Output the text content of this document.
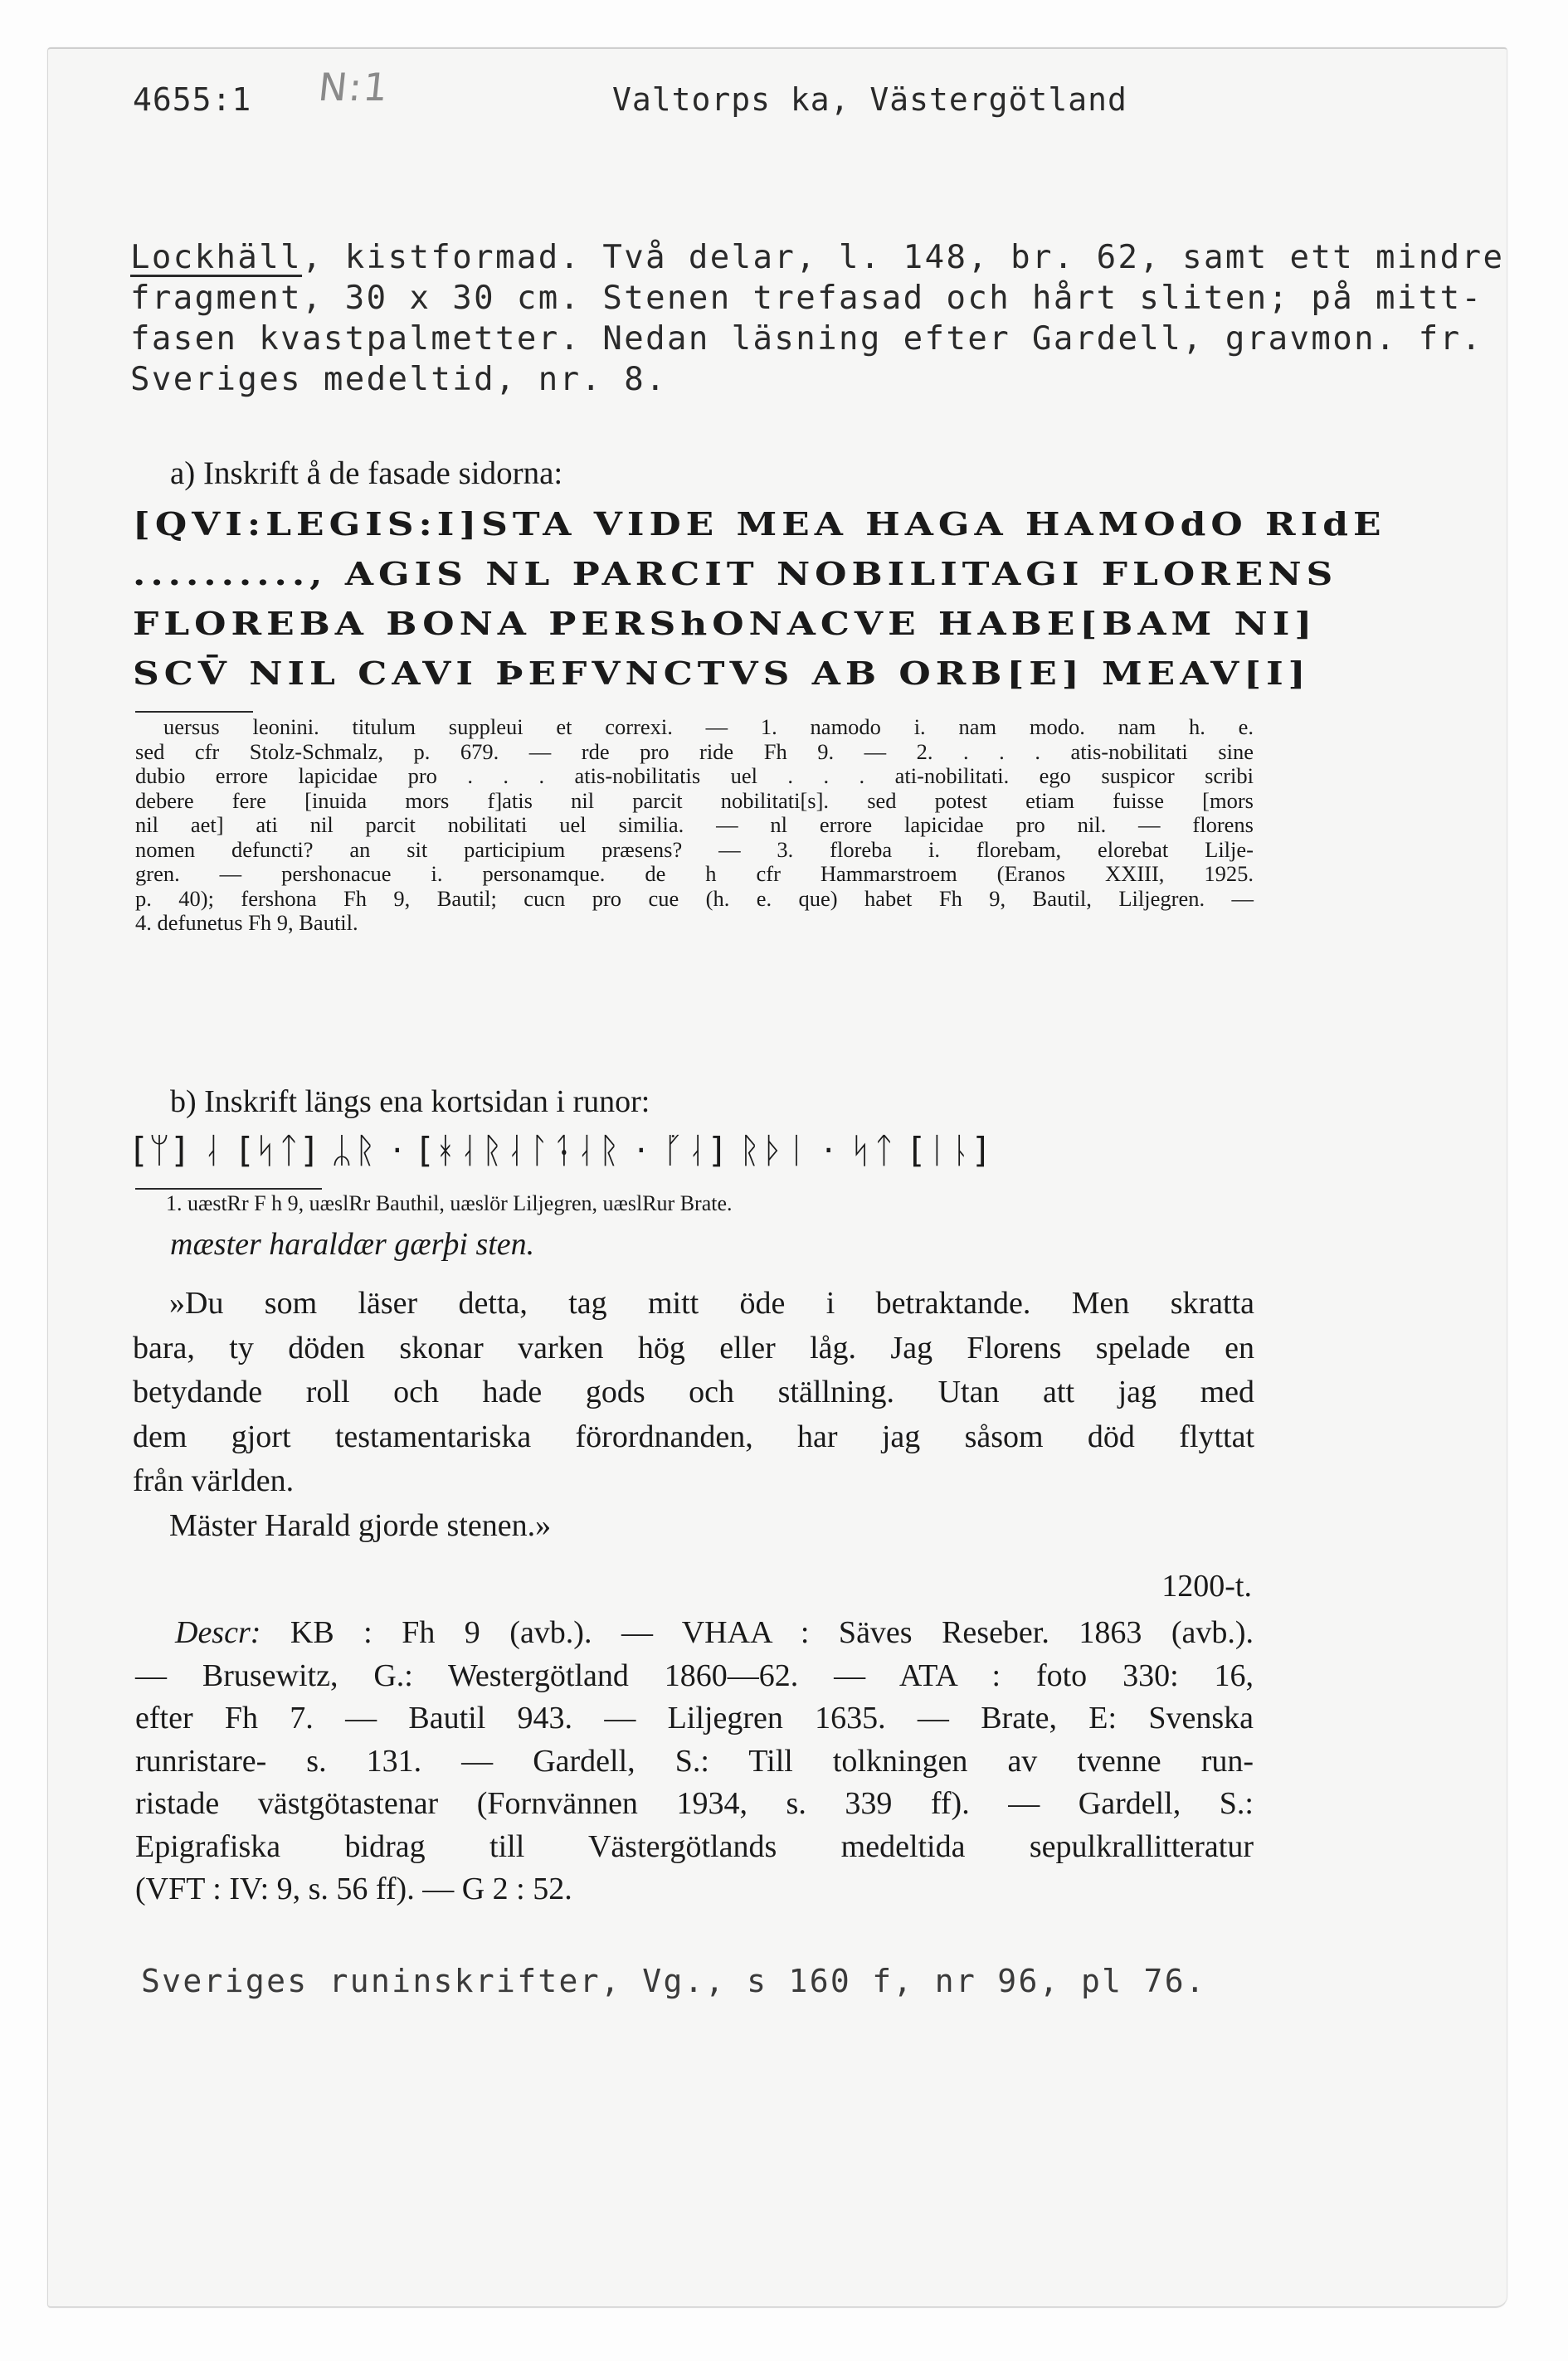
4655:1 N:1	Valtorps ka, Västergötland
Lockhäll, kistformad. Två delar, l. 148, br. 62, samt ett mindre
fragment, 30 x 30 cm. Stenen trefasad och hårt sliten; på mitt-
fasen kvastpalmetter. Nedan läsning efter Gardell, gravmon. fr.
Sveriges medeltid, nr. 8.
a) Inskrift å de fasade sidorna:
[QVI:LEGIS:I]STA VIDE MEA HAGA HAMOdO RIdE
.........., AGIS NL PARCIT NOBILITAGI FLORENS
FLOREBA BONA PERShONACVE HABE[BAM NI]
SCV̄ NIL CAVI ÞEFVNCTVS AB ORB[E] MEAV[I]

uersus leonini. titulum suppleui et correxi. — 1. namodo i. nam modo. nam h. e.

sed cfr Stolz-Schmalz, p. 679. — rde pro ride Fh 9. — 2. . . . atis-nobilitati sine

dubio errore lapicidae pro . . . atis-nobilitatis uel . . . ati-nobilitati. ego suspicor scribi

debere fere [inuida mors f]atis nil parcit nobilitati[s]. sed potest etiam fuisse [mors

nil aet] ati nil parcit nobilitati uel similia. — nl errore lapicidae pro nil. — florens

nomen defuncti? an sit participium præsens? — 3. floreba i. florebam, elorebat Lilje-

gren. — pershonacue i. personamque. de h cfr Hammarstroem (Eranos XXIII, 1925.

p. 40); fershona Fh 9, Bautil; cucn pro cue (h. e. que) habet Fh 9, Bautil, Liljegren. —

4. defunetus Fh 9, Bautil.

b) Inskrift längs ena kortsidan i runor:
[ᛘ] ᛆ [ᛋᛏ] ᛦᚱ · [ᚼᛆᚱᛆᛚᛑᛆᚱ · ᚵᛆ] ᚱᚦᛁ · ᛋᛏ [ᛁᚿ]
1. uæstRr F h 9, uæslRr Bauthil, uæslör Liljegren, uæslRur Brate.
mæster haraldær gærþi sten.

»Du som läser detta, tag mitt öde i betraktande. Men skratta

bara, ty döden skonar varken hög eller låg. Jag Florens spelade en

betydande roll och hade gods och ställning. Utan att jag med

dem gjort testamentariska förordnanden, har jag såsom död flyttat

från världen.

Mäster Harald gjorde stenen.»

1200-t.

Descr: KB : Fh 9 (avb.). — VHAA : Säves Reseber. 1863 (avb.).

— Brusewitz, G.: Westergötland 1860—62. — ATA : foto 330: 16,

efter Fh 7. — Bautil 943. — Liljegren 1635. — Brate, E: Svenska

runristare- s. 131. — Gardell, S.: Till tolkningen av tvenne run-

ristade västgötastenar (Fornvännen 1934, s. 339 ff). — Gardell, S.:

Epigrafiska bidrag till Västergötlands medeltida sepulkrallitteratur

(VFT : IV: 9, s. 56 ff). — G 2 : 52.

Sveriges runinskrifter, Vg., s 160 f, nr 96, pl 76.
